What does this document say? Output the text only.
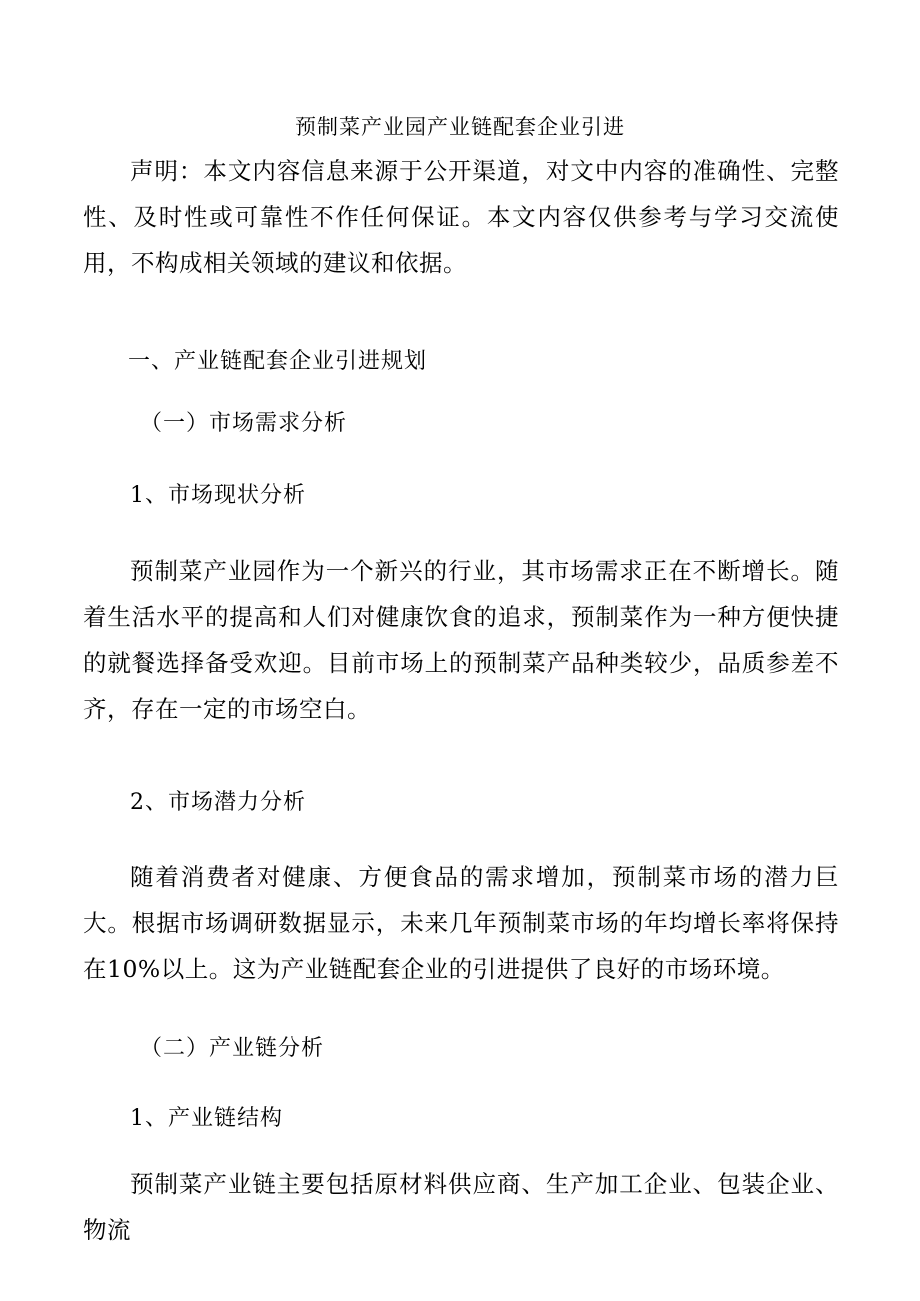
预制菜产业园产业链配套企业引进
声明：本文内容信息来源于公开渠道，对文中内容的准确性、完整性、及时性或可靠性不作任何保证。本文内容仅供参考与学习交流使用，不构成相关领域的建议和依据。
一、产业链配套企业引进规划
（一）市场需求分析
1、市场现状分析
预制菜产业园作为一个新兴的行业，其市场需求正在不断增长。随着生活水平的提高和人们对健康饮食的追求，预制菜作为一种方便快捷的就餐选择备受欢迎。目前市场上的预制菜产品种类较少，品质参差不齐，存在一定的市场空白。
2、市场潜力分析
随着消费者对健康、方便食品的需求增加，预制菜市场的潜力巨大。根据市场调研数据显示，未来几年预制菜市场的年均增长率将保持在10%以上。这为产业链配套企业的引进提供了良好的市场环境。
（二）产业链分析
1、产业链结构
预制菜产业链主要包括原材料供应商、生产加工企业、包装企业、物流
